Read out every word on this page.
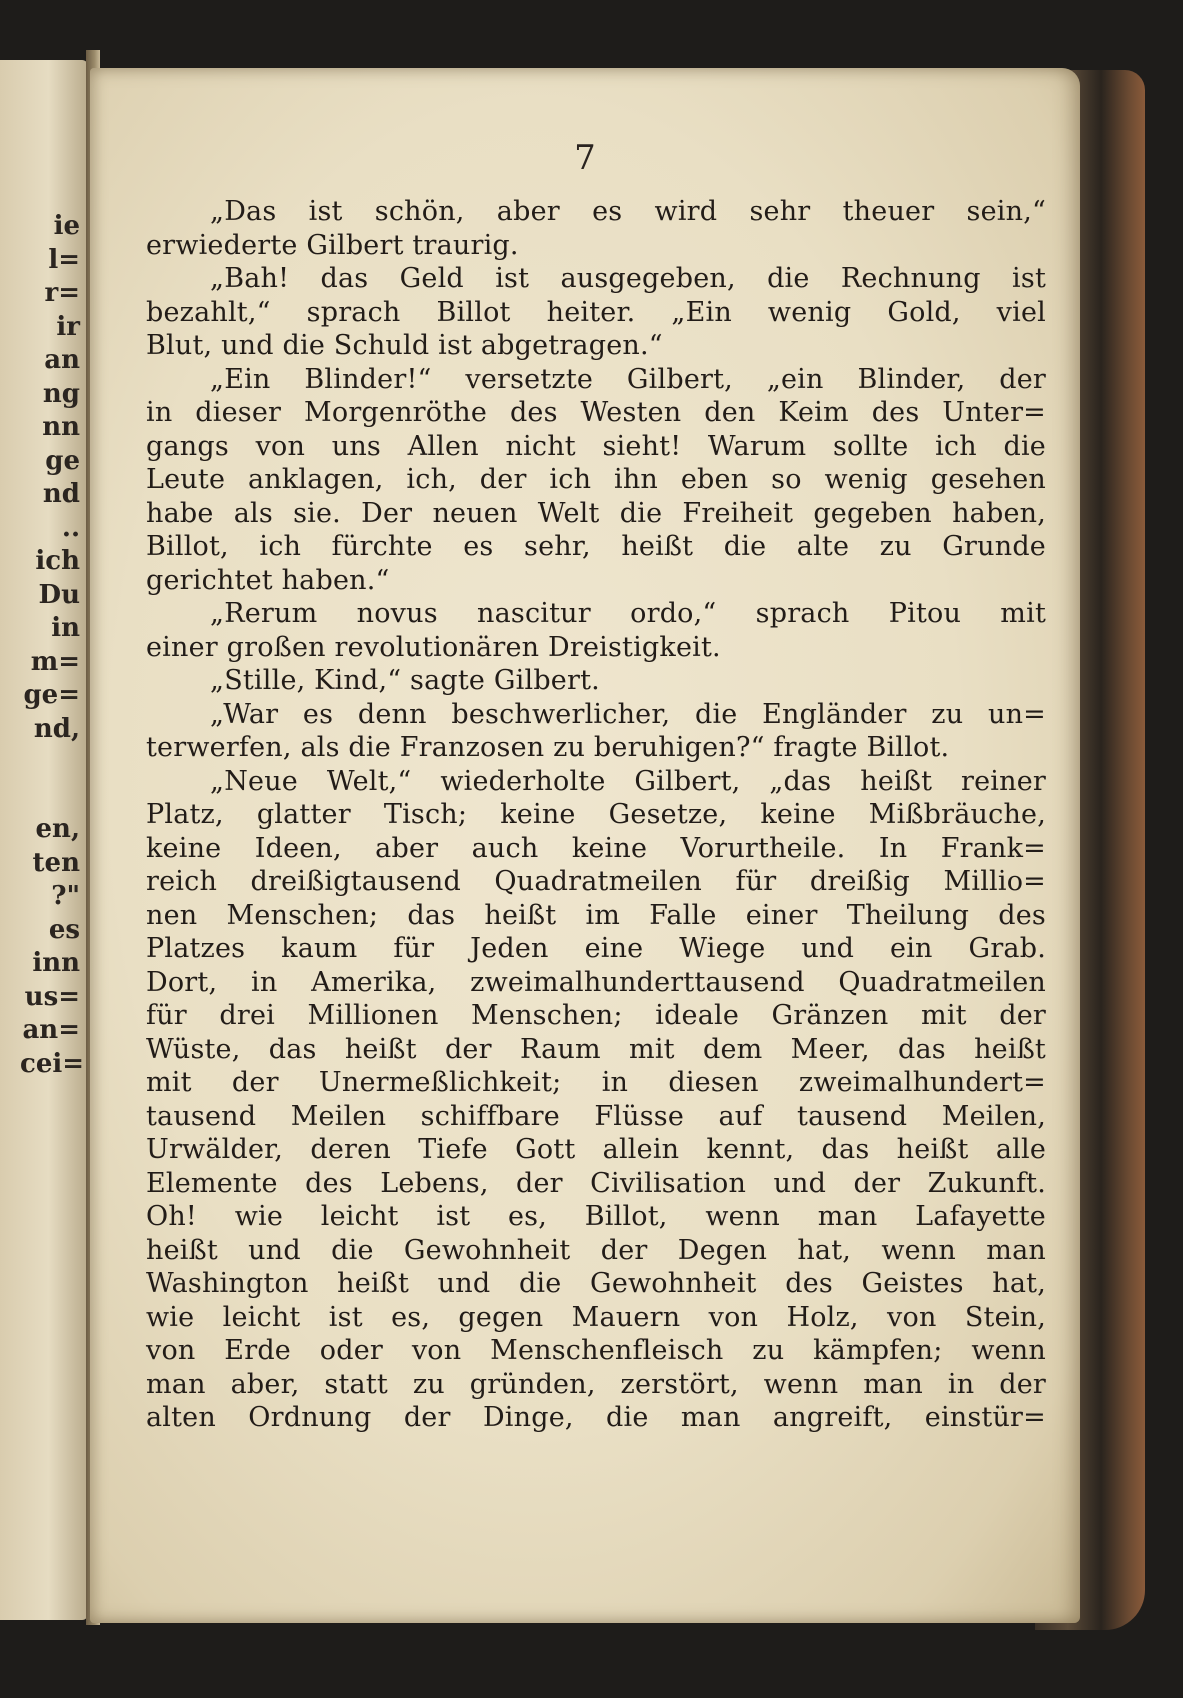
ie
l=
r=
ir
an
ng
nn
ge
nd
..
ich
Du
in
m=
ge=
nd,
en,
ten
?"
es
inn
us=
an=
cei=
7
„Das ist schön, aber es wird sehr theuer sein,“
erwiederte Gilbert traurig.
„Bah! das Geld ist ausgegeben, die Rechnung ist
bezahlt,“ sprach Billot heiter. „Ein wenig Gold, viel
Blut, und die Schuld ist abgetragen.“
„Ein Blinder!“ versetzte Gilbert, „ein Blinder, der
in dieser Morgenröthe des Westen den Keim des Unter=
gangs von uns Allen nicht sieht! Warum sollte ich die
Leute anklagen, ich, der ich ihn eben so wenig gesehen
habe als sie. Der neuen Welt die Freiheit gegeben haben,
Billot, ich fürchte es sehr, heißt die alte zu Grunde
gerichtet haben.“
„Rerum novus nascitur ordo,“ sprach Pitou mit
einer großen revolutionären Dreistigkeit.
„Stille, Kind,“ sagte Gilbert.
„War es denn beschwerlicher, die Engländer zu un=
terwerfen, als die Franzosen zu beruhigen?“ fragte Billot.
„Neue Welt,“ wiederholte Gilbert, „das heißt reiner
Platz, glatter Tisch; keine Gesetze, keine Mißbräuche,
keine Ideen, aber auch keine Vorurtheile. In Frank=
reich dreißigtausend Quadratmeilen für dreißig Millio=
nen Menschen; das heißt im Falle einer Theilung des
Platzes kaum für Jeden eine Wiege und ein Grab.
Dort, in Amerika, zweimalhunderttausend Quadratmeilen
für drei Millionen Menschen; ideale Gränzen mit der
Wüste, das heißt der Raum mit dem Meer, das heißt
mit der Unermeßlichkeit; in diesen zweimalhundert=
tausend Meilen schiffbare Flüsse auf tausend Meilen,
Urwälder, deren Tiefe Gott allein kennt, das heißt alle
Elemente des Lebens, der Civilisation und der Zukunft.
Oh! wie leicht ist es, Billot, wenn man Lafayette
heißt und die Gewohnheit der Degen hat, wenn man
Washington heißt und die Gewohnheit des Geistes hat,
wie leicht ist es, gegen Mauern von Holz, von Stein,
von Erde oder von Menschenfleisch zu kämpfen; wenn
man aber, statt zu gründen, zerstört, wenn man in der
alten Ordnung der Dinge, die man angreift, einstür=
